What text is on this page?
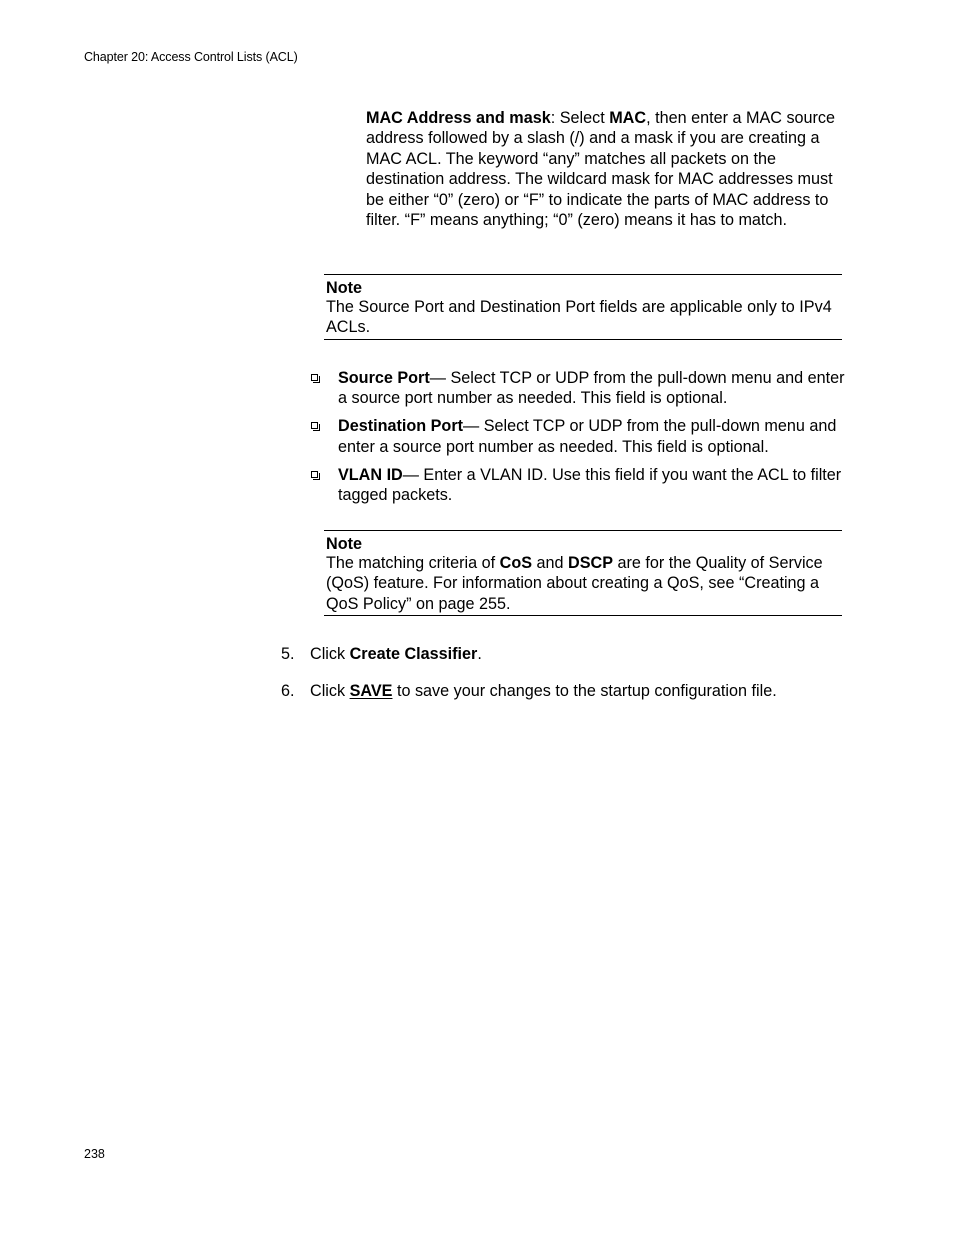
Chapter 20: Access Control Lists (ACL)
MAC Address and mask: Select MAC, then enter a MAC source address followed by a slash (/) and a mask if you are creating a MAC ACL. The keyword “any” matches all packets on the destination address. The wildcard mask for MAC addresses must be either “0” (zero) or “F” to indicate the parts of MAC address to filter. “F” means anything; “0” (zero) means it has to match.
Note
The Source Port and Destination Port fields are applicable only to IPv4 ACLs.
Source Port— Select TCP or UDP from the pull-down menu and enter a source port number as needed. This field is optional.
Destination Port— Select TCP or UDP from the pull-down menu and enter a source port number as needed. This field is optional.
VLAN ID— Enter a VLAN ID. Use this field if you want the ACL to filter tagged packets.
Note
The matching criteria of CoS and DSCP are for the Quality of Service (QoS) feature. For information about creating a QoS, see “Creating a QoS Policy” on page 255.
5. Click Create Classifier.
6. Click SAVE to save your changes to the startup configuration file.
238
